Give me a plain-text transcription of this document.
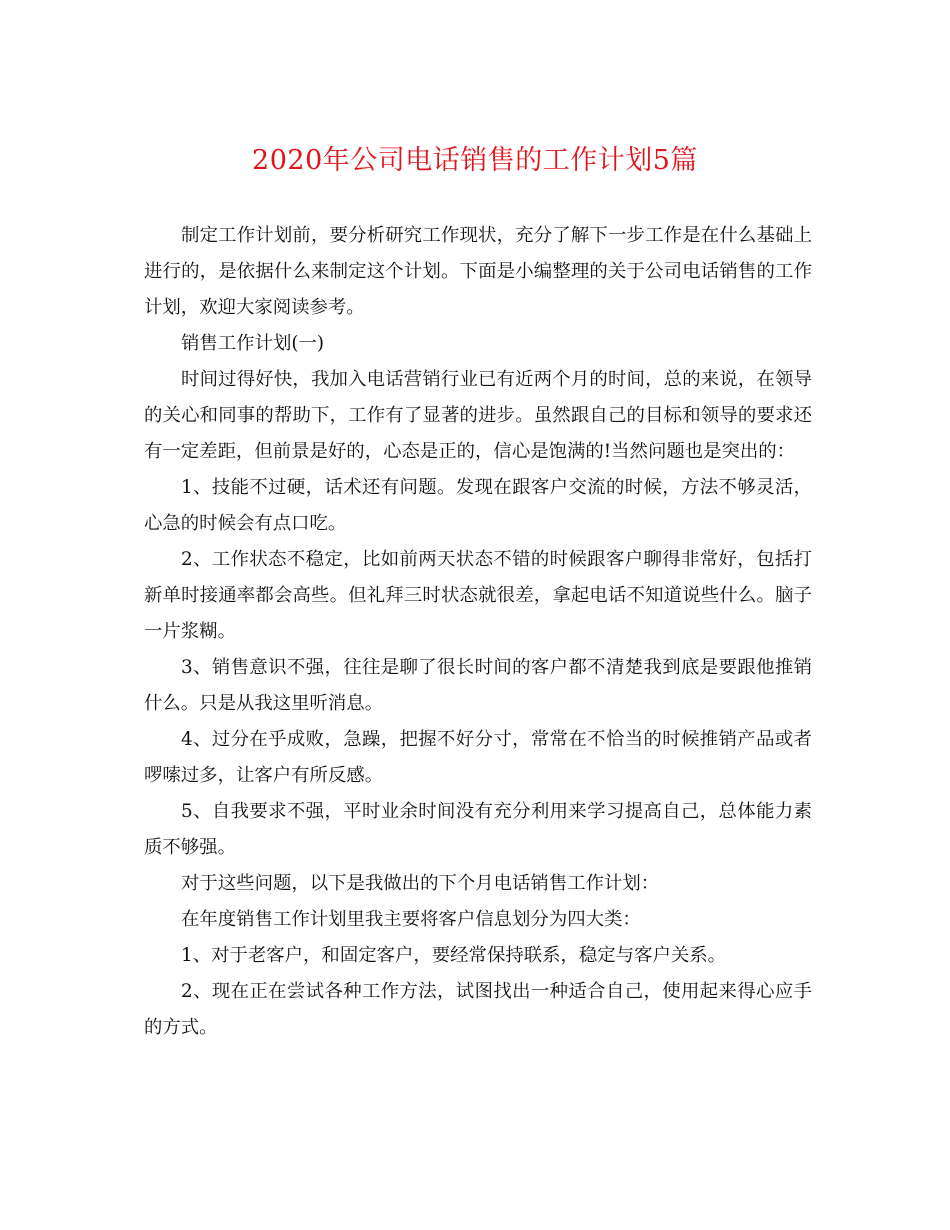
2020年公司电话销售的工作计划5篇

制定工作计划前，要分析研究工作现状，充分了解下一步工作是在什么基础上进行的，是依据什么来制定这个计划。下面是小编整理的关于公司电话销售的工作计划，欢迎大家阅读参考。

销售工作计划(一)

时间过得好快，我加入电话营销行业已有近两个月的时间，总的来说，在领导的关心和同事的帮助下，工作有了显著的进步。虽然跟自己的目标和领导的要求还有一定差距，但前景是好的，心态是正的，信心是饱满的!当然问题也是突出的：

1、技能不过硬，话术还有问题。发现在跟客户交流的时候，方法不够灵活，心急的时候会有点口吃。

2、工作状态不稳定，比如前两天状态不错的时候跟客户聊得非常好，包括打新单时接通率都会高些。但礼拜三时状态就很差，拿起电话不知道说些什么。脑子一片浆糊。

3、销售意识不强，往往是聊了很长时间的客户都不清楚我到底是要跟他推销什么。只是从我这里听消息。

4、过分在乎成败，急躁，把握不好分寸，常常在不恰当的时候推销产品或者啰嗦过多，让客户有所反感。

5、自我要求不强，平时业余时间没有充分利用来学习提高自己，总体能力素质不够强。

对于这些问题，以下是我做出的下个月电话销售工作计划：

在年度销售工作计划里我主要将客户信息划分为四大类：

1、对于老客户，和固定客户，要经常保持联系，稳定与客户关系。

2、现在正在尝试各种工作方法，试图找出一种适合自己，使用起来得心应手的方式。
